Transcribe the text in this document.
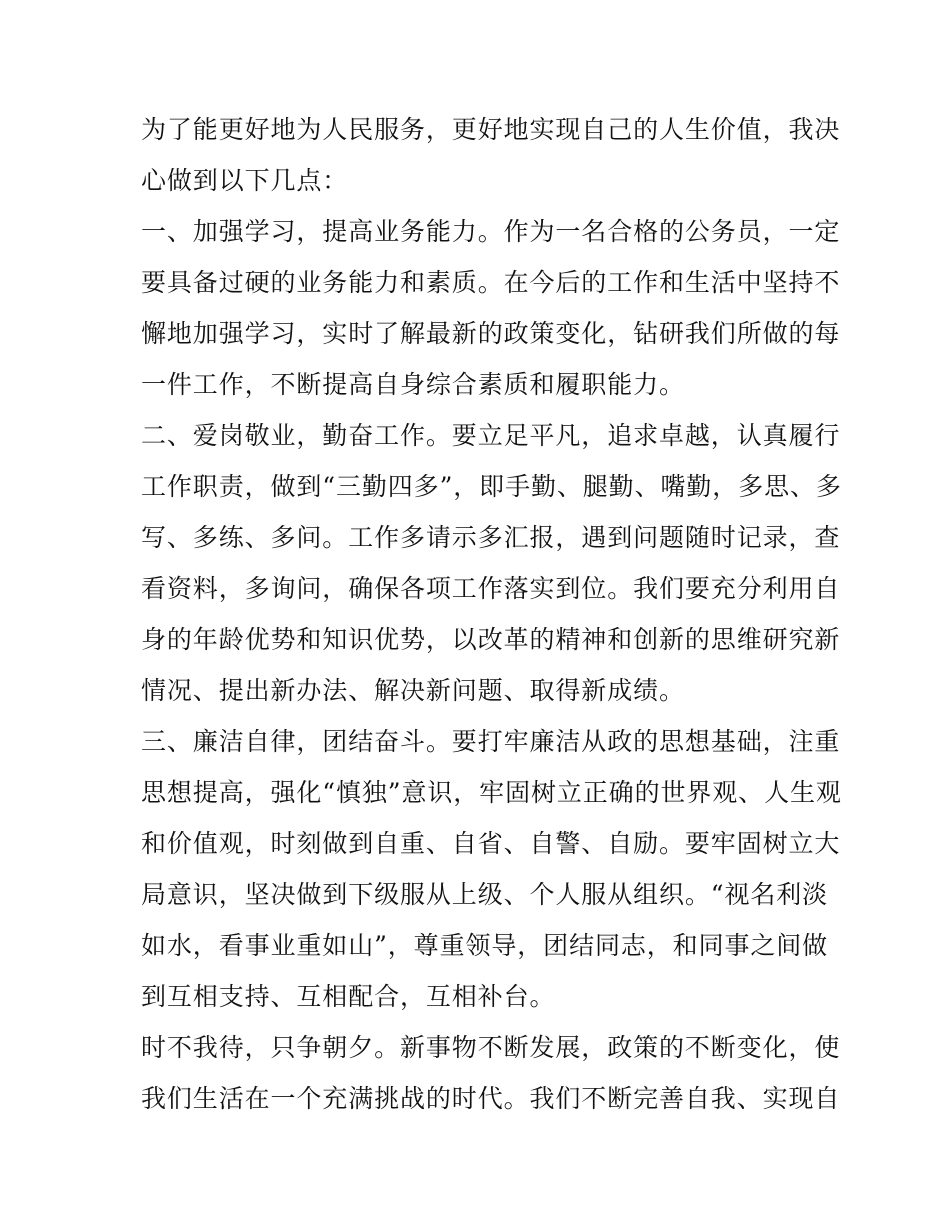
为了能更好地为人民服务，更好地实现自己的人生价值，我决
心做到以下几点：
一、加强学习，提高业务能力。作为一名合格的公务员，一定
要具备过硬的业务能力和素质。在今后的工作和生活中坚持不
懈地加强学习，实时了解最新的政策变化，钻研我们所做的每
一件工作，不断提高自身综合素质和履职能力。
二、爱岗敬业，勤奋工作。要立足平凡，追求卓越，认真履行
工作职责，做到“三勤四多”，即手勤、腿勤、嘴勤，多思、多
写、多练、多问。工作多请示多汇报，遇到问题随时记录，查
看资料，多询问，确保各项工作落实到位。我们要充分利用自
身的年龄优势和知识优势，以改革的精神和创新的思维研究新
情况、提出新办法、解决新问题、取得新成绩。
三、廉洁自律，团结奋斗。要打牢廉洁从政的思想基础，注重
思想提高，强化“慎独”意识，牢固树立正确的世界观、人生观
和价值观，时刻做到自重、自省、自警、自励。要牢固树立大
局意识，坚决做到下级服从上级、个人服从组织。“视名利淡
如水，看事业重如山”，尊重领导，团结同志，和同事之间做
到互相支持、互相配合，互相补台。
时不我待，只争朝夕。新事物不断发展，政策的不断变化，使
我们生活在一个充满挑战的时代。我们不断完善自我、实现自
